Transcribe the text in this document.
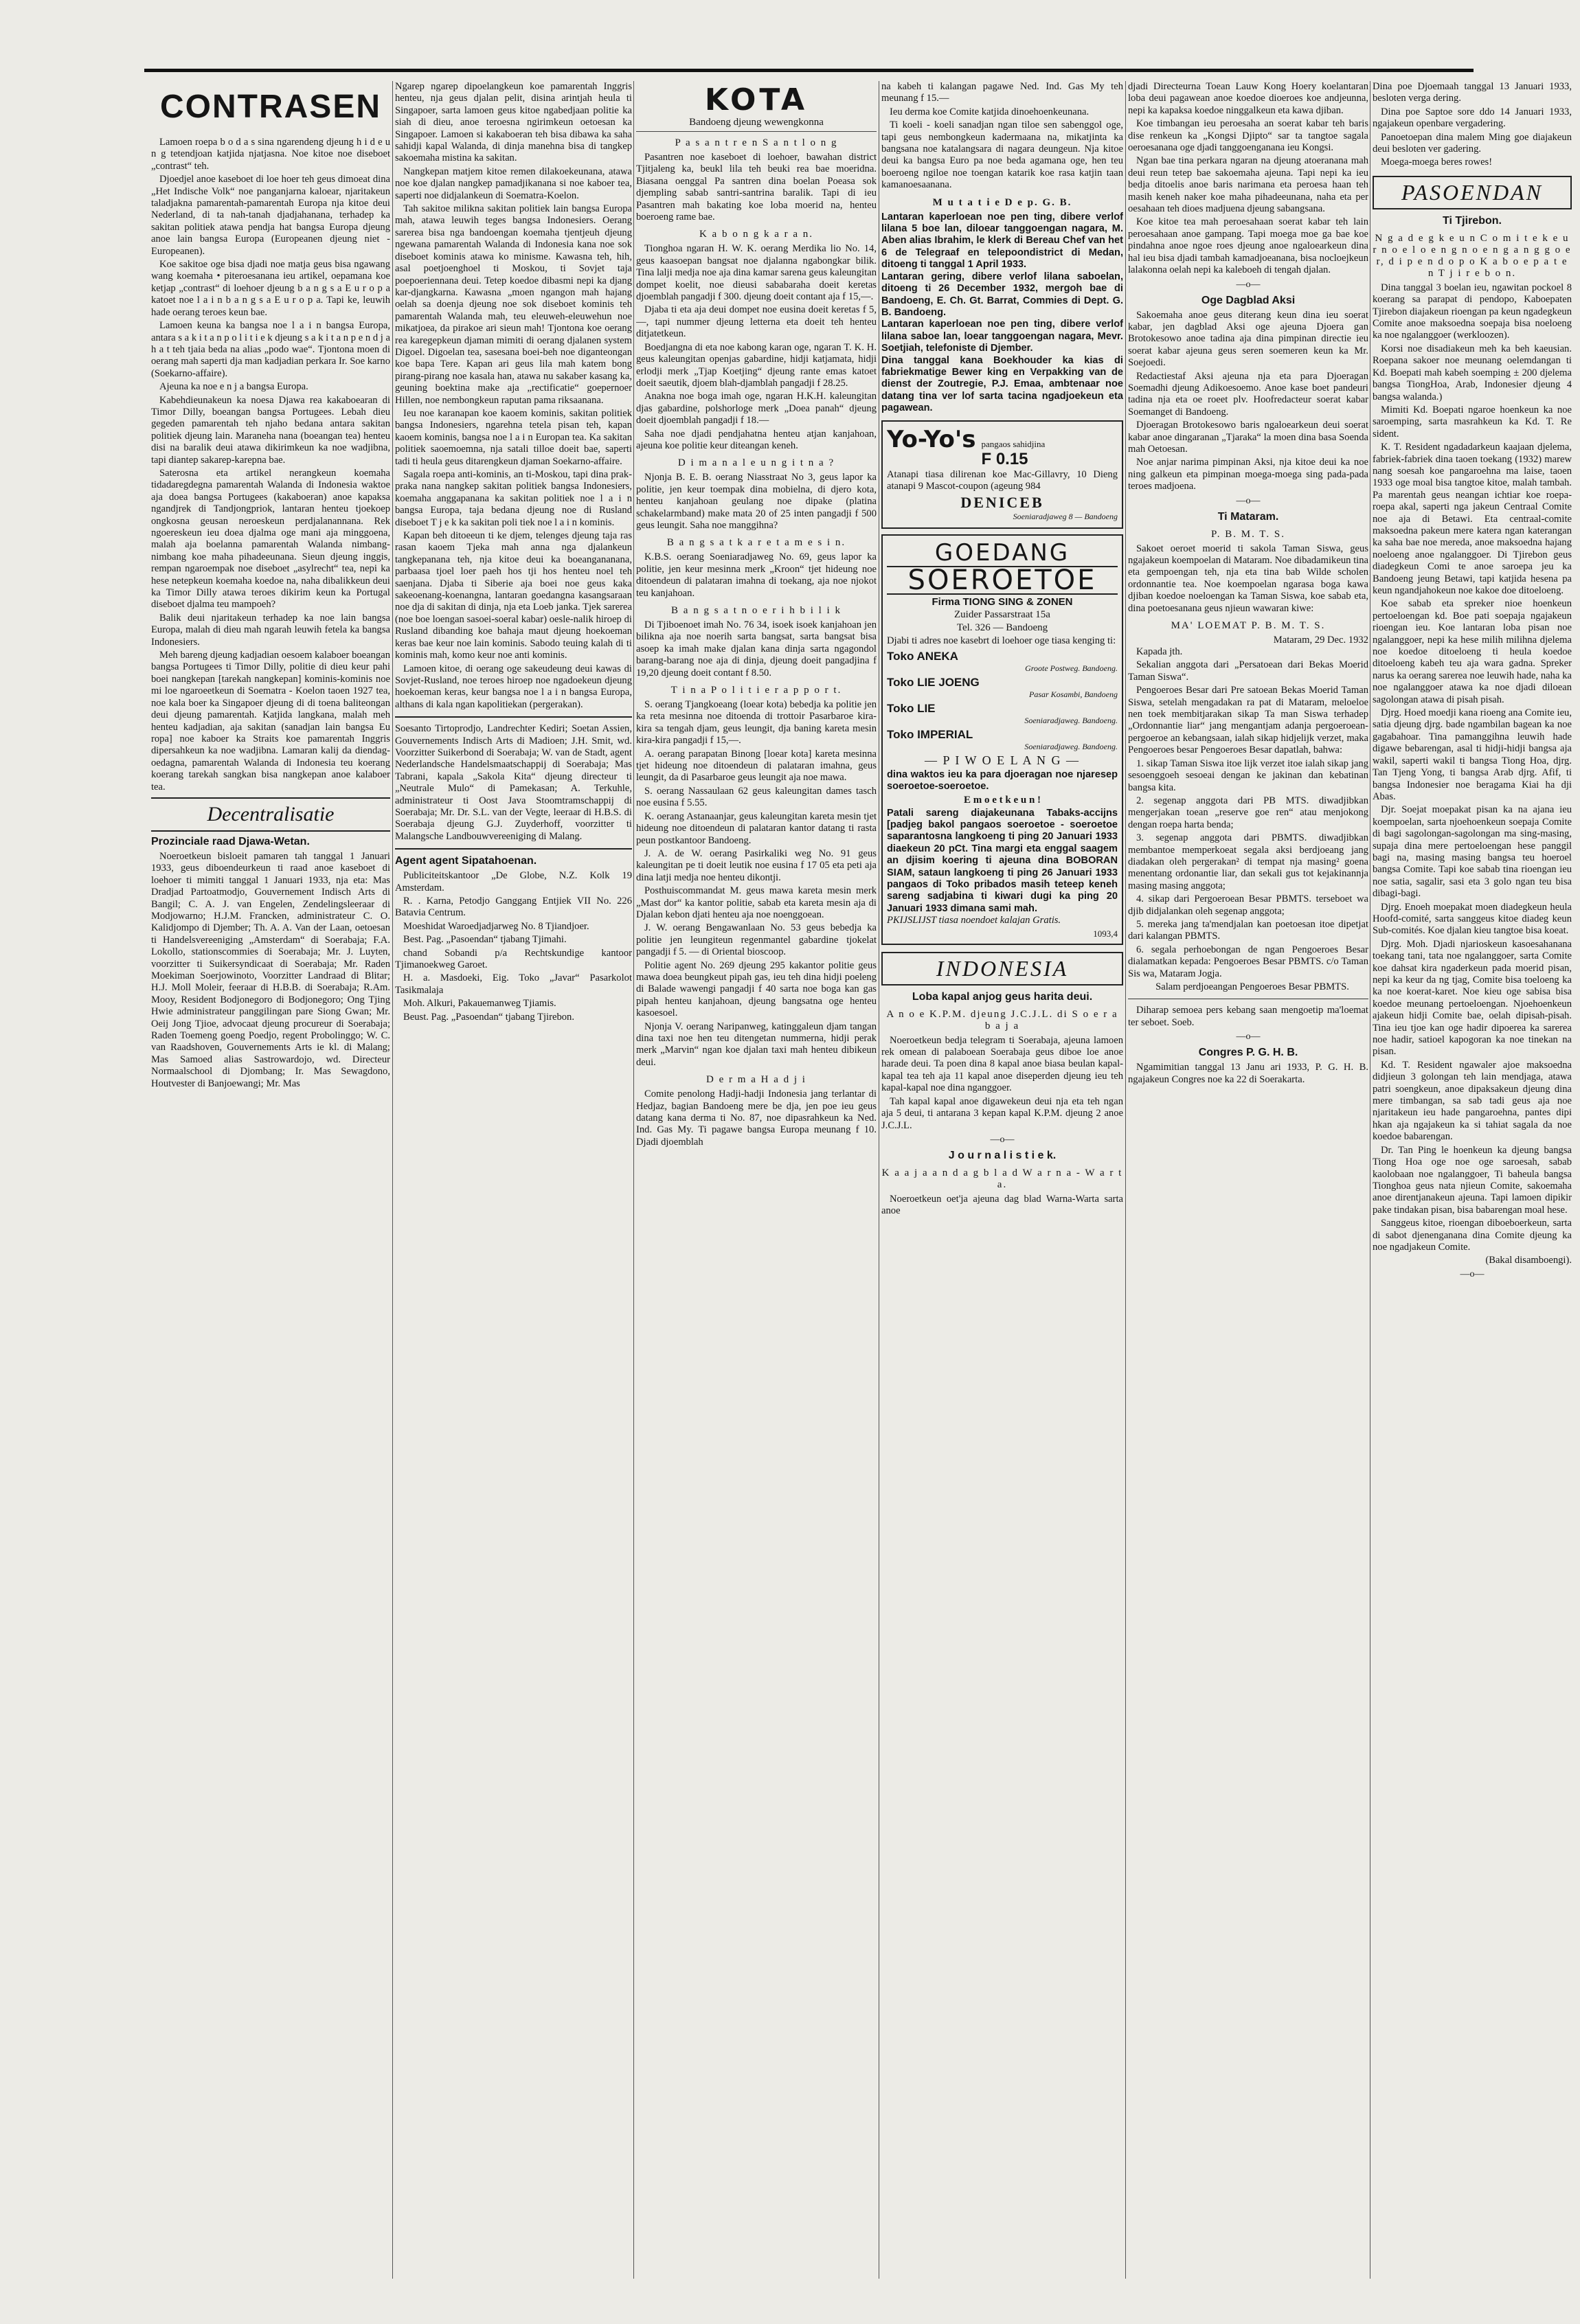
CONTRASEN

Lamoen roepa b o d a s sina ngarendeng djeung h i d e u n g tetendjoan katjida njatjasna. Noe kitoe noe diseboet „contrast“ teh.

Djoedjel anoe kaseboet di loe hoer teh geus dimoeat dina „Het Indische Volk“ noe panganjarna kaloear, njaritakeun taladjakna pamarentah-pamarentah Europa nja kitoe deui Nederland, di ta nah-tanah djadjahanana, terhadep ka sakitan politiek atawa pendja hat bangsa Europa djeung anoe lain bangsa Europa (Europeanen djeung niet - Europeanen).

Koe sakitoe oge bisa djadi noe matja geus bisa ngawang wang koemaha • piteroesanana ieu artikel, oepamana koe ketjap „contrast“ di loehoer djeung b a n g s a E u r o p a katoet noe l a i n b a n g s a E u r o p a. Tapi ke, leuwih hade oerang teroes keun bae.

Lamoen keuna ka bangsa noe l a i n bangsa Europa, antara s a k i t a n p o l i t i e k djeung s a k i t a n p e n d j a h a t teh tjaia beda na alias „podo wae“. Tjontona moen di oerang mah saperti dja man kadjadian perkara Ir. Soe karno (Soekarno-affaire).

Ajeuna ka noe e n j a bangsa Europa.

Kabehdieunakeun ka noesa Djawa rea kakaboearan di Timor Dilly, boeangan bangsa Portugees. Lebah dieu gegeden pamarentah teh njaho bedana antara sakitan politiek djeung lain. Maraneha nana (boeangan tea) henteu disi na baralik deui atawa dikirimkeun ka noe wadjibna, tapi diantep sakarep-karepna bae.

Saterosna eta artikel nerangkeun koemaha tidadaregdegna pamarentah Walanda di Indonesia waktoe aja doea bangsa Portugees (kakaboeran) anoe kapaksa ngandjrek di Tandjongpriok, lantaran henteu tjoekoep ongkosna geusan neroeskeun perdjalanannana. Rek ngoereskeun ieu doea djalma oge mani aja minggoena, malah aja boelanna pamarentah Walanda nimbang-nimbang koe maha pihadeeunana. Sieun djeung inggis, rempan ngaroempak noe diseboet „asylrecht“ tea, nepi ka hese netepkeun koemaha koedoe na, naha dibalikkeun deui ka Timor Dilly atawa teroes dikirim keun ka Portugal diseboet djalma teu mampoeh?

Balik deui njaritakeun terhadep ka noe lain bangsa Europa, malah di dieu mah ngarah leuwih fetela ka bangsa Indonesiers.

Meh bareng djeung kadjadian oesoem kalaboer boeangan bangsa Portugees ti Timor Dilly, politie di dieu keur pahi boei nangkepan [tarekah nangkepan] kominis-kominis noe mi loe ngaroeetkeun di Soematra - Koelon taoen 1927 tea, noe kala boer ka Singapoer djeung di di toena baliteongan deui djeung pamarentah. Katjida langkana, malah meh henteu kadjadian, aja sakitan (sanadjan lain bangsa Eu ropa] noe kaboer ka Straits koe pamarentah Inggris dipersahkeun ka noe wadjibna. Lamaran kalij da diendag-oedagna, pamarentah Walanda di Indonesia teu koerang koerang tarekah sangkan bisa nangkepan anoe kalaboer tea.

Decentralisatie
Prozinciale raad Djawa-Wetan.

Noeroetkeun bisloeit pamaren tah tanggal 1 Januari 1933, geus diboendeurkeun ti raad anoe kaseboet di loehoer ti mimiti tanggal 1 Januari 1933, nja eta: Mas Dradjad Partoatmodjo, Gouvernement Indisch Arts di Bangil; C. A. J. van Engelen, Zendelingsleeraar di Modjowarno; H.J.M. Francken, administrateur C. O. Kalidjompo di Djember; Th. A. A. Van der Laan, oetoesan ti Handelsvereeniging „Amsterdam“ di Soerabaja; F.A. Lokollo, stationscommies di Soerabaja; Mr. J. Luyten, voorzitter ti Suikersyndicaat di Soerabaja; Mr. Raden Moekiman Soerjowinoto, Voorzitter Landraad di Blitar; H.J. Moll Moleir, feeraar di H.B.B. di Soerabaja; R.Am. Mooy, Resident Bodjonegoro di Bodjonegoro; Ong Tjing Hwie administrateur panggilingan pare Siong Gwan; Mr. Oeij Jong Tjioe, advocaat djeung procureur di Soerabaja; Raden Toemeng goeng Poedjo, regent Probolinggo; W. C. van Raadshoven, Gouvernements Arts ie kl. di Malang; Mas Samoed alias Sastrowardojo, wd. Directeur Normaalschool di Djombang; Ir. Mas Sewagdono, Houtvester di Banjoewangi; Mr. Mas

Ngarep ngarep dipoelangkeun koe pamarentah Inggris henteu, nja geus djalan pelit, disina arintjah heula ti Singapoer, sarta lamoen geus kitoe ngabedjaan politie ka siah di dieu, anoe teroesna ngirimkeun oetoesan ka Singapoer. Lamoen si kakaboeran teh bisa dibawa ka saha sahidji kapal Walanda, di dinja manehna bisa di tangkep sakoemaha mistina ka sakitan.

Nangkepan matjem kitoe remen dilakoekeunana, atawa noe koe djalan nangkep pamadjikanana si noe kaboer tea, saperti noe didjalankeun di Soematra-Koelon.

Tah sakitoe milikna sakitan politiek lain bangsa Europa mah, atawa leuwih teges bangsa Indonesiers. Oerang sarerea bisa nga bandoengan koemaha tjentjeuh djeung ngewana pamarentah Walanda di Indonesia kana noe sok diseboet kominis atawa ko minisme. Kawasna teh, hih, asal poetjoenghoel ti Moskou, ti Sovjet taja poepoeriennana deui. Tetep koedoe dibasmi nepi ka djang kar-djangkarna. Kawasna „moen ngangon mah hajang oelah sa doenja djeung noe sok diseboet kominis teh pamarentah Walanda mah, teu eleuweh-eleuwehun noe mikatjoea, da pirakoe ari sieun mah! Tjontona koe oerang rea karegepkeun djaman mimiti di oerang djalanen system Digoel. Digoelan tea, sasesana boei-beh noe diganteongan koe bapa Tere. Kapan ari geus lila mah katem bong pirang-pirang noe kasala han, atawa nu sakaber kasang ka, geuning boektina make aja „rectificatie“ goepernoer Hillen, noe nembongkeun raputan pama riksaanana.

Ieu noe karanapan koe kaoem kominis, sakitan politiek bangsa Indonesiers, ngarehna tetela pisan teh, kapan kaoem kominis, bangsa noe l a i n Europan tea. Ka sakitan politiek saoemoemna, nja satali tilloe doeit bae, saperti tadi ti heula geus ditarengkeun djaman Soekarno-affaire.

Sagala roepa anti-kominis, an ti-Moskou, tapi dina prak-praka nana nangkep sakitan politiek bangsa Indonesiers, koemaha anggapanana ka sakitan politiek noe l a i n bangsa Europa, taja bedana djeung noe di Rusland diseboet T j e k ka sakitan poli tiek noe l a i n kominis.

Kapan beh ditoeeun ti ke djem, telenges djeung taja ras rasan kaoem Tjeka mah anna nga djalankeun tangkepanana teh, nja kitoe deui ka boeangananana, parbaasa tjoel loer paeh hos tji hos henteu noel teh saenjana. Djaba ti Siberie aja boei noe geus kaka sakeoenang-koenangna, lantaran goedangna kasangsaraan noe dja di sakitan di dinja, nja eta Loeb janka. Tjek sarerea (noe boe loengan sasoei-soeral kabar) oesle-nalik hiroep di Rusland dibanding koe bahaja maut djeung hoekoeman keras bae keur noe lain kominis. Sabodo teuing kalah di ti kominis mah, komo keur noe anti kominis.

Lamoen kitoe, di oerang oge sakeudeung deui kawas di Sovjet-Rusland, noe teroes hiroep noe ngadoekeun djeung hoekoeman keras, keur bangsa noe l a i n bangsa Europa, althans di kala ngan kapolitiekan (pergerakan).

Soesanto Tirtoprodjo, Landrechter Kediri; Soetan Assien, Gouvernements Indisch Arts di Madioen; J.H. Smit, wd. Voorzitter Suikerbond di Soerabaja; W. van de Stadt, agent Nederlandsche Handelsmaatschappij di Soerabaja; Mas Tabrani, kapala „Sakola Kita“ djeung directeur ti „Neutrale Mulo“ di Pamekasan; A. Terkuhle, administrateur ti Oost Java Stoomtramschappij di Soerabaja; Mr. Dr. S.L. van der Vegte, leeraar di H.B.S. di Soerabaja djeung G.J. Zuyderhoff, voorzitter ti Malangsche Landbouwvereeniging di Malang.

Agent agent Sipatahoenan.

Publiciteitskantoor „De Globe, N.Z. Kolk 19 Amsterdam.

R. . Karna, Petodjo Ganggang Entjiek VII No. 226 Batavia Centrum.

Moeshidat Waroedjadjarweg No. 8 Tjiandjoer.

Best. Pag. „Pasoendan“ tjabang Tjimahi.

chand Sobandi p/a Rechtskundige kantoor Tjimanoekweg Garoet.

H. a. Masdoeki, Eig. Toko „Javar“ Pasarkolot Tasikmalaja

Moh. Alkuri, Pakauemanweg Tjiamis.

Beust. Pag. „Pasoendan“ tjabang Tjirebon.

KOTA
Bandoeng djeung wewengkonna
P a s a n t r e n S a n t l o n g

Pasantren noe kaseboet di loehoer, bawahan district Tjitjaleng ka, beukl lila teh beuki rea bae moeridna. Biasana oenggal Pa santren dina boelan Poeasa sok djempling sabab santri-santrina baralik. Tapi di ieu Pasantren mah bakating koe loba moerid na, henteu boeroeng rame bae.

K a b o n g k a r a n.

Tionghoa ngaran H. W. K. oerang Merdika lio No. 14, geus kaasoepan bangsat noe djalanna ngabongkar bilik. Tina lalji medja noe aja dina kamar sarena geus kaleungitan dompet koelit, noe dieusi sababaraha doeit keretas djoemblah pangadji f 300. djeung doeit contant aja f 15,—.

Djaba ti eta aja deui dompet noe eusina doeit keretas f 5,—, tapi nummer djeung letterna eta doeit teh henteu ditjatetkeun.

Boedjangna di eta noe kabong karan oge, ngaran T. K. H. geus kaleungitan openjas gabardine, hidji katjamata, hidji erlodji merk „Tjap Koetjing“ djeung rante emas katoet doeit saeutik, djoem blah-djamblah pangadji f 28.25.

Anakna noe boga imah oge, ngaran H.K.H. kaleungitan djas gabardine, polshorloge merk „Doea panah“ djeung doeit djoemblah pangadji f 18.—

Saha noe djadi pendjahatna henteu atjan kanjahoan, ajeuna koe politie keur diteangan keneh.

D i m a n a l e u n g i t n a ?

Njonja B. E. B. oerang Niasstraat No 3, geus lapor ka politie, jen keur toempak dina mobielna, di djero kota, henteu kanjahoan geulang noe dipake (platina schakelarmband) make mata 20 of 25 inten pangadji f 500 geus leungit. Saha noe manggihna?

B a n g s a t k a r e t a m e s i n.

K.B.S. oerang Soeniaradjaweg No. 69, geus lapor ka politie, jen keur mesinna merk „Kroon“ tjet hideung noe ditoendeun di palataran imahna di toekang, aja noe njokot teu kanjahoan.

B a n g s a t n o e r i h b i l i k

Di Tjiboenoet imah No. 76 34, isoek isoek kanjahoan jen bilikna aja noe noerih sarta bangsat, sarta bangsat bisa asoep ka imah make djalan kana dinja sarta ngagondol barang-barang noe aja di dinja, djeung doeit pangadjina f 19,20 djeung doeit contant f 8.50.

T i n a P o l i t i e r a p p o r t.

S. oerang Tjangkoeang (loear kota) bebedja ka politie jen ka reta mesinna noe ditoenda di trottoir Pasarbaroe kira-kira sa tengah djam, geus leungit, dja baning kareta mesin kira-kira pangadji f 15,—.

A. oerang parapatan Binong [loear kota] kareta mesinna tjet hideung noe ditoendeun di palataran imahna, geus leungit, da di Pasarbaroe geus leungit aja noe mawa.

S. oerang Nassaulaan 62 geus kaleungitan dames tasch noe eusina f 5.55.

K. oerang Astanaanjar, geus kaleungitan kareta mesin tjet hideung noe ditoendeun di palataran kantor datang ti rasta peun postkantoor Bandoeng.

J. A. de W. oerang Pasirkaliki weg No. 91 geus kaleungitan pe ti doeit leutik noe eusina f 17 05 eta peti aja dina latji medja noe henteu dikontji.

Posthuiscommandat M. geus mawa kareta mesin merk „Mast dor“ ka kantor politie, sabab eta kareta mesin aja di Djalan kebon djati henteu aja noe noenggoean.

J. W. oerang Bengawanlaan No. 53 geus bebedja ka politie jen leungiteun regenmantel gabardine tjokelat pangadji f 5. — di Oriental bioscoop.

Politie agent No. 269 djeung 295 kakantor politie geus mawa doea beungkeut pipah gas, ieu teh dina hidji poeleng di Balade wawengi pangadji f 40 sarta noe boga kan gas pipah henteu kanjahoan, djeung bangsatna oge henteu kasoesoel.

Njonja V. oerang Naripanweg, katinggaleun djam tangan dina taxi noe hen teu ditengetan nummerna, hidji perak merk „Marvin“ ngan koe djalan taxi mah henteu dibikeun deui.

D e r m a H a d j i

Comite penolong Hadji-hadji Indonesia jang terlantar di Hedjaz, bagian Bandoeng mere be dja, jen poe ieu geus datang kana derma ti No. 87, noe dipasrahkeun ka Ned. Ind. Gas My. Ti pagawe bangsa Europa meunang f 10. Djadi djoemblah

na kabeh ti kalangan pagawe Ned. Ind. Gas My teh meunang f 15.—

Ieu derma koe Comite katjida dinoehoenkeunana.

Ti koeli - koeli sanadjan ngan tiloe sen sabenggol oge, tapi geus nembongkeun kadermaana na, mikatjinta ka bangsana noe katalangsara di nagara deungeun. Nja kitoe deui ka bangsa Euro pa noe beda agamana oge, hen teu boeroeng ngiloe noe toengan katarik koe rasa katjin taan kamanoesaanana.

M u t a t i e D e p. G. B.

Lantaran kaperloean noe pen ting, dibere verlof lilana 5 boe lan, diloear tanggoengan nagara, M. Aben alias Ibrahim, le klerk di Bereau Chef van het 6 de Telegraaf en telepoondistrict di Medan, ditoeng ti tanggal 1 April 1933.

Lantaran gering, dibere verlof lilana saboelan, ditoeng ti 26 December 1932, mergoh bae di Bandoeng, E. Ch. Gt. Barrat, Commies di Dept. G. B. Bandoeng.

Lantaran kaperloean noe pen ting, dibere verlof lilana saboe lan, loear tanggoengan nagara, Mevr. Soetjiah, telefoniste di Djember.

Dina tanggal kana Boekhouder ka kias di fabriekmatige Bewer king en Verpakking van de dienst der Zoutregie, P.J. Emaa, ambtenaar noe datang tina ver lof sarta tacina ngadjoekeun eta pagawean.

Yo-Yo's pangaos sahidjina
F 0.15

Atanapi tiasa dilirenan koe Mac-Gillavry, 10 Dieng atanapi 9 Mascot-coupon (ageung 984

DENICEB
Soeniaradjaweg 8 — Bandoeng
GOEDANG
SOEROETOE
Firma TIONG SING & ZONEN
Zuider Passarstraat 15a
Tel. 326 — Bandoeng

Djabi ti adres noe kasebrt di loehoer oge tiasa kenging ti:

Toko ANEKA
Groote Postweg. Bandoeng.
Toko LIE JOENG
Pasar Kosambi, Bandoeng
Toko LIE
Soeniaradjaweg. Bandoeng.
Toko IMPERIAL
Soeniaradjaweg. Bandoeng.
— P I W O E L A N G —

dina waktos ieu ka para djoeragan noe njaresep soeroetoe-soeroetoe.

E m o e t k e u n !

Patali sareng diajakeunana Tabaks-accijns [padjeg bakol pangaos soeroetoe - soeroetoe saparantosna langkoeng ti ping 20 Januari 1933 diaekeun 20 pCt. Tina margi eta enggal saagem an djisim koering ti ajeuna dina BOBORAN SIAM, sataun langkoeng ti ping 26 Januari 1933 pangaos di Toko pribados masih teteep keneh sareng sadjabina ti kiwari dugi ka ping 20 Januari 1933 dimana sami mah.

PKIJSLIJST tiasa noendoet kalajan Gratis.

1093,4
INDONESIA
Loba kapal anjog geus harita deui.
A n o e K.P.M. djeung J.C.J.L. di S o e r a b a j a

Noeroetkeun bedja telegram ti Soerabaja, ajeuna lamoen rek omean di palaboean Soerabaja geus diboe loe anoe harade deui. Ta poen dina 8 kapal anoe biasa beulan kapal-kapal tea teh aja 11 kapal anoe diseperden djeung ieu teh kapal-kapal noe dina nganggoer.

Tah kapal kapal anoe digawekeun deui nja eta teh ngan aja 5 deui, ti antarana 3 kepan kapal K.P.M. djeung 2 anoe J.C.J.L.

—o—
J o u r n a l i s t i e k.
K a a j a a n d a g b l a d W a r n a - W a r t a.

Noeroetkeun oet'ja ajeuna dag blad Warna-Warta sarta anoe

djadi Directeurna Toean Lauw Kong Hoery koelantaran loba deui pagawean anoe koedoe dioeroes koe andjeunna, nepi ka kapaksa koedoe ninggalkeun eta kawa djiban.

Koe timbangan ieu peroesaha an soerat kabar teh baris dise renkeun ka „Kongsi Djipto“ sar ta tangtoe sagala oeroesanana oge djadi tanggoenganana ieu Kongsi.

Ngan bae tina perkara ngaran na djeung atoeranana mah deui reun tetep bae sakoemaha ajeuna. Tapi nepi ka ieu bedja ditoelis anoe baris narimana eta peroesa haan teh masih keneh naker koe maha pihadeeunana, naha eta per oesahaan teh dioes madjuena djeung sabangsana.

Koe kitoe tea mah peroesahaan soerat kabar teh lain peroesahaan anoe gampang. Tapi moega moe ga bae koe pindahna anoe ngoe roes djeung anoe ngaloearkeun dina hal ieu bisa djadi tambah kamadjoeanana, bisa nocloejkeun lalakonna oelah nepi ka kaleboeh di tengah djalan.

—o—
Oge Dagblad Aksi

Sakoemaha anoe geus diterang keun dina ieu soerat kabar, jen dagblad Aksi oge ajeuna Djoera gan Brotokesowo anoe tadina aja dina pimpinan directie ieu soerat kabar ajeuna geus seren soemeren keun ka Mr. Soejoedi.

Redactiestaf Aksi ajeuna nja eta para Djoeragan Soemadhi djeung Adikoesoemo. Anoe kase boet pandeuri tadina nja eta oe roeet plv. Hoofredacteur soerat kabar Soemanget di Bandoeng.

Djoeragan Brotokesowo baris ngaloearkeun deui soerat kabar anoe dingaranan „Tjaraka“ la moen dina basa Soenda mah Oetoesan.

Noe anjar narima pimpinan Aksi, nja kitoe deui ka noe ning galkeun eta pimpinan moega-moega sing pada-pada teroes madjoena.

—o—
Ti Mataram.
P. B. M. T. S.

Sakoet oeroet moerid ti sakola Taman Siswa, geus ngajakeun koempoelan di Mataram. Noe dibadamikeun tina eta gempoengan teh, nja eta tina bab Wilde scholen ordonnantie tea. Noe koempoelan ngarasa boga kawa djiban koedoe noeloengan ka Taman Siswa, koe sabab eta, dina poetoesanana geus njieun wawaran kiwe:

MA' LOEMAT P. B. M. T. S.
Mataram, 29 Dec. 1932

Kapada jth.

Sekalian anggota dari „Persatoean dari Bekas Moerid Taman Siswa“.

Pengoeroes Besar dari Pre satoean Bekas Moerid Taman Siswa, setelah mengadakan ra pat di Mataram, meloeloe nen toek membitjarakan sikap Ta man Siswa terhadep „Ordonnantie liar“ jang mengantjam adanja pergoeroean-pergoeroe an kebangsaan, ialah sikap hidjelijk verzet, maka Pengoeroes besar Pengoeroes Besar dapatlah, bahwa:

1. sikap Taman Siswa itoe lijk verzet itoe ialah sikap jang sesoenggoeh sesoeai dengan ke jakinan dan kebatinan bangsa kita.

2. segenap anggota dari PB MTS. diwadjibkan mengerjakan toean „reserve goe ren“ atau menjokong dengan roepa harta benda;

3. segenap anggota dari PBMTS. diwadjibkan membantoe memperkoeat segala aksi berdjoeang jang diadakan oleh pergerakan² di tempat nja masing² goena menentang ordonantie liar, dan sekali gus tot kejakinannja masing masing anggota;

4. sikap dari Pergoeroean Besar PBMTS. terseboet wa djib didjalankan oleh segenap anggota;

5. mereka jang ta'mendjalan kan poetoesan itoe dipetjat dari kalangan PBMTS.

6. segala perhoebongan de ngan Pengoeroes Besar dialamatkan kepada: Pengoeroes Besar PBMTS. c/o Taman Sis wa, Mataram Jogja.

Salam perdjoeangan Pengoeroes Besar PBMTS.

Diharap semoea pers kebang saan mengoetip ma'loemat ter seboet. Soeb.

—o—
Congres P. G. H. B.

Ngamimitian tanggal 13 Janu ari 1933, P. G. H. B. ngajakeun Congres noe ka 22 di Soerakarta.

Dina poe Djoemaah tanggal 13 Januari 1933, besloten verga dering.

Dina poe Saptoe sore ddo 14 Januari 1933, ngajakeun openbare vergadering.

Panoetoepan dina malem Ming goe diajakeun deui besloten ver gadering.

Moega-moega beres rowes!

PASOENDAN
Ti Tjirebon.
N g a d e g k e u n C o m i t e k e u r n o e l o e n g n o e n g a n g g o e r, d i p e n d o p o K a b o e p a t e n T j i r e b o n.

Dina tanggal 3 boelan ieu, ngawitan pockoel 8 koerang sa parapat di pendopo, Kaboepaten Tjirebon diajakeun rioengan pa keun ngadegkeun Comite anoe maksoedna soepaja bisa noeloeng ka noe ngalanggoer (werkloozen).

Korsi noe disadiakeun meh ka beh kaeusian. Roepana sakoer noe meunang oelemdangan ti Kd. Boepati mah kabeh soemping ± 200 djelema bangsa TiongHoa, Arab, Indonesier djeung 4 bangsa walanda.)

Mimiti Kd. Boepati ngaroe hoenkeun ka noe saroemping, sarta masrahkeun ka Kd. T. Re sident.

K. T. Resident ngadadarkeun kaajaan djelema, fabriek-fabriek dina taoen toekang (1932) marew nang soesah koe pangaroehna ma laise, taoen 1933 oge moal bisa tangtoe kitoe, malah tambah. Pa marentah geus neangan ichtiar koe roepa-roepa akal, saperti nga jakeun Centraal Comite noe aja di Betawi. Eta centraal-comite maksoedna pakeun mere katera ngan katerangan ka saha bae noe mereda, anoe maksoedna hajang noeloeng anoe ngalanggoer. Di Tjirebon geus diadegkeun Comi te anoe saroepa jeu ka Bandoeng jeung Betawi, tapi katjida hesena pa keun ngandjahokeun noe kakoe doe ditoeloeng.

Koe sabab eta spreker nioe hoenkeun pertoeloengan kd. Boe pati soepaja ngajakeun rioengan ieu. Koe lantaran loba pisan noe ngalanggoer, nepi ka hese milih milihna djelema noe koedoe ditoeloeng ti heula koedoe ditoeloeng kabeh teu aja wara gadna. Spreker narus ka oerang sarerea noe leuwih hade, naha ka noe ngalanggoer atawa ka noe djadi diloean sagolongan atawa di pisah pisah.

Djrg. Hoed moedji kana rioeng ana Comite ieu, satia djeung djrg. bade ngambilan bagean ka noe gagabahoar. Tina pamanggihna leuwih hade digawe bebarengan, asal ti hidji-hidji bangsa aja wakil, saperti wakil ti bangsa Tiong Hoa, djrg. Tan Tjeng Yong, ti bangsa Arab djrg. Afif, ti bangsa Indonesier noe beragama Kiai ha dji Abas.

Djr. Soejat moepakat pisan ka na ajana ieu koempoelan, sarta njoehoenkeun soepaja Comite di bagi sagolongan-sagolongan ma sing-masing, supaja dina mere pertoeloengan hese panggil bagi na, masing masing bangsa teu hoeroel bangsa Comite. Tapi koe sabab tina rioengan ieu noe satia, sagalir, sasi eta 3 golo ngan teu bisa dibagi-bagi.

Djrg. Enoeh moepakat moen diadegkeun heula Hoofd-comité, sarta sanggeus kitoe diadeg keun Sub-comités. Koe djalan kieu tangtoe bisa koeat.

Djrg. Moh. Djadi njarioskeun kasoesahanana toekang tani, tata noe ngalanggoer, sarta Comite koe dahsat kira ngaderkeun pada moerid pisan, nepi ka keur da ng tjag, Comite bisa toeloeng ka ka noe koerat-karet. Noe kieu oge sabisa bisa koedoe meunang pertoeloengan. Njoehoenkeun ajakeun hidji Comite bae, oelah dipisah-pisah. Tina ieu tjoe kan oge hadir dipoerea ka sarerea noe hadir, satioel kapogoran ka noe tinekan na pisan.

Kd. T. Resident ngawaler ajoe maksoedna didjieun 3 golongan teh lain mendjaga, atawa patri soengkeun, anoe dipaksakeun djeung dina mere timbangan, sa sab tadi geus aja noe njaritakeun ieu hade pangaroehna, pantes dipi hkan aja ngajakeun ka si tahiat sagala da noe koedoe babarengan.

Dr. Tan Ping le hoenkeun ka djeung bangsa Tiong Hoa oge noe oge saroesah, sabab kaolobaan noe ngalanggoer, Ti baheula bangsa Tionghoa geus nata njieun Comite, sakoemaha anoe direntjanakeun ajeuna. Tapi lamoen dipikir pake tindakan pisan, bisa babarengan moal hese.

Sanggeus kitoe, rioengan diboeboerkeun, sarta di sabot djenenganana dina Comite djeung ka noe ngadjakeun Comite.

(Bakal disamboengi).
—o—
